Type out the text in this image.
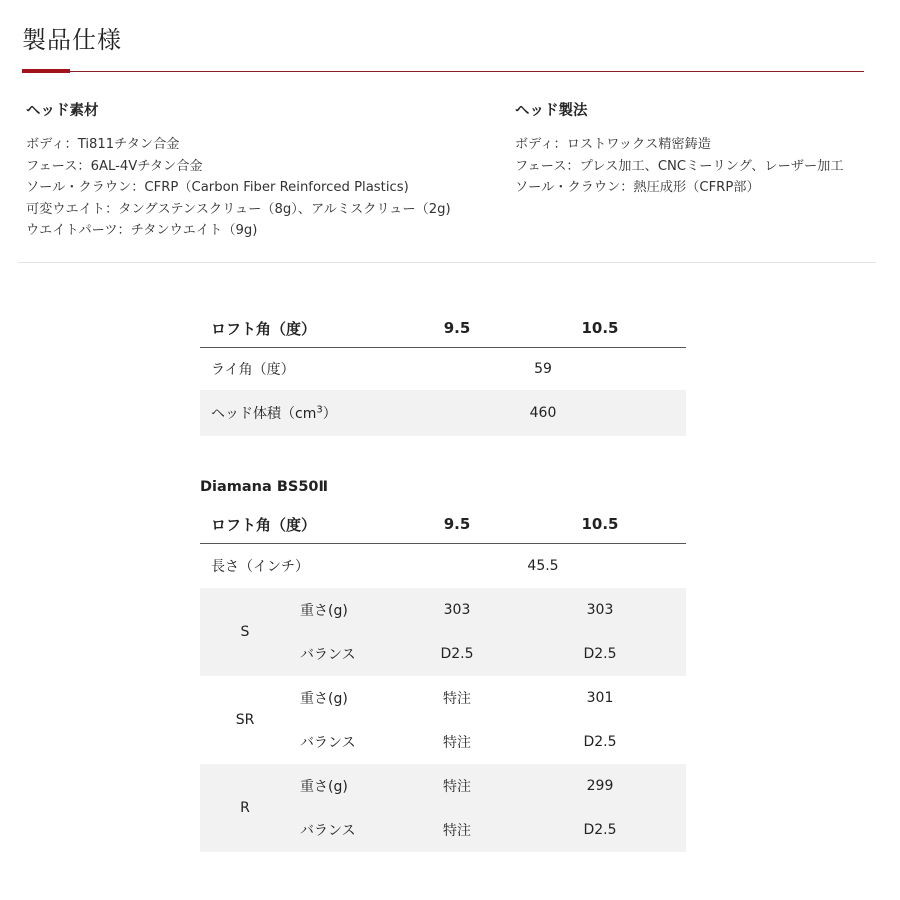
製品仕様
ヘッド素材
ボディ：Ti811チタン合金
フェース：6AL-4Vチタン合金
ソール・クラウン：CFRP（Carbon Fiber Reinforced Plastics)
可変ウエイト：タングステンスクリュー（8g）、アルミスクリュー（2g)
ウエイトパーツ：チタンウエイト（9g)
ヘッド製法
ボディ：ロストワックス精密鋳造
フェース：プレス加工、CNCミーリング、レーザー加工
ソール・クラウン：熱圧成形（CFRP部）
ロフト角（度）	9.5	10.5
ライ角（度）	59	
ヘッド体積$(cm^3)$	460	
Diamana BS50Ⅱ
ロフト角（度）		9.5	10.5
長さ（インチ）		45.5	
S	重さ(g)	303	303
	バランス	D2.5	D2.5
SR	重さ(g)	特注	301
	バランス	特注	D2.5
R	重さ(g)	特注	299
	バランス	特注	D2.5
